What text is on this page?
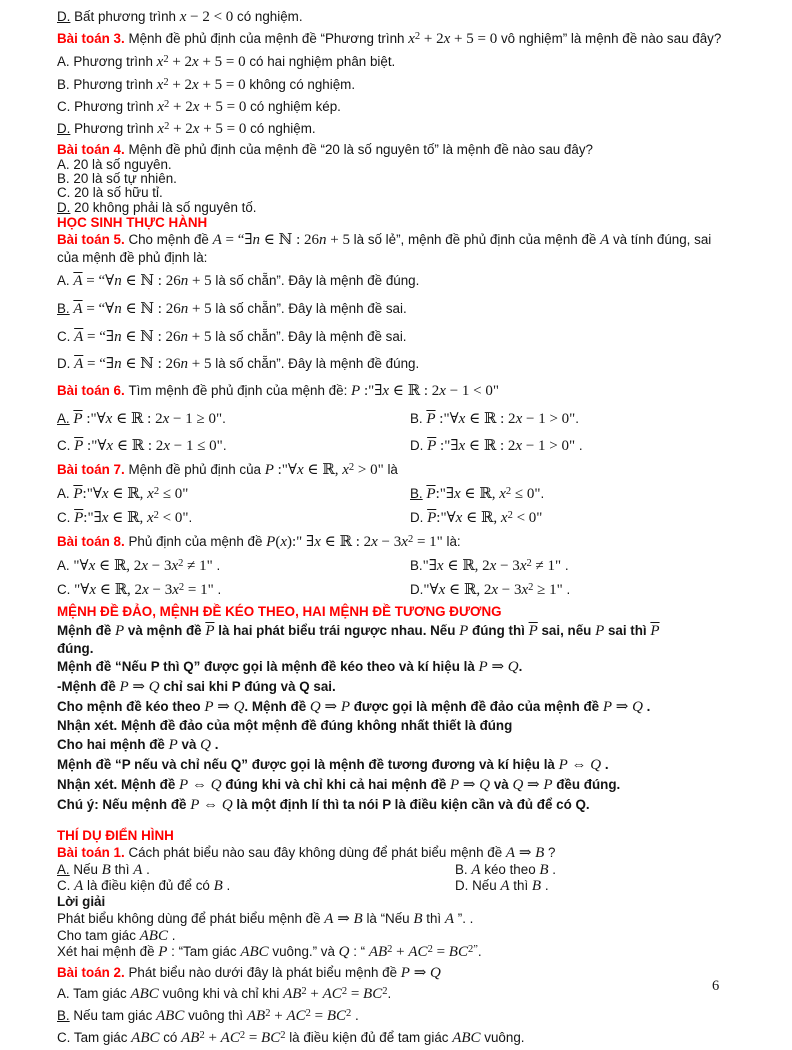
D. Bất phương trình x − 2 < 0 có nghiệm.
Bài toán 3. Mệnh đề phủ định của mệnh đề “Phương trình $x^2 + 2x + 5 = 0$ vô nghiệm” là mệnh đề nào sau đây?
A. Phương trình $x^2 + 2x + 5 = 0$ có hai nghiệm phân biệt.
B. Phương trình $x^2 + 2x + 5 = 0$ không có nghiệm.
C. Phương trình $x^2 + 2x + 5 = 0$ có nghiệm kép.
D. Phương trình $x^2 + 2x + 5 = 0$ có nghiệm.
Bài toán 4. Mệnh đề phủ định của mệnh đề “20 là số nguyên tố” là mệnh đề nào sau đây?
A. 20 là số nguyên.
B. 20 là số tự nhiên.
C. 20 là số hữu tỉ.
D. 20 không phải là số nguyên tố.
HỌC SINH THỰC HÀNH
Bài toán 5. Cho mệnh đề A = “∃n ∈ ℕ : 26n + 5 là số lẻ”, mệnh đề phủ định của mệnh đề A và tính đúng, sai
của mệnh đề phủ định là:
A. $\overline{A}$ = “∀n ∈ ℕ : 26n + 5 là số chẵn”. Đây là mệnh đề đúng.
B. $\overline{A}$ = “∀n ∈ ℕ : 26n + 5 là số chẵn”. Đây là mệnh đề sai.
C. $\overline{A}$ = “∃n ∈ ℕ : 26n + 5 là số chẵn”. Đây là mệnh đề sai.
D. $\overline{A}$ = “∃n ∈ ℕ : 26n + 5 là số chẵn”. Đây là mệnh đề đúng.
Bài toán 6. Tìm mệnh đề phủ định của mệnh đề: P :"∃x ∈ ℝ : 2x − 1 < 0"
A. $\overline{P}$ :"∀x ∈ ℝ : 2x − 1 ≥ 0".	B. $\overline{P}$ :"∀x ∈ ℝ : 2x − 1 > 0".
C. $\overline{P}$ :"∀x ∈ ℝ : 2x − 1 ≤ 0".	D. $\overline{P}$ :"∃x ∈ ℝ : 2x − 1 > 0" .
Bài toán 7. Mệnh đề phủ định của P :"∀x ∈ ℝ, $x^2 > 0$" là
A. $\overline{P}:"\forall x$ ∈ ℝ, $x^2 \le 0$"	B. $\overline{P}:"\exists x$ ∈ ℝ, $x^2 \le 0$".
C. $\overline{P}:"\exists x$ ∈ ℝ, $x^2 < 0$".	D. $\overline{P}:"\forall x$ ∈ ℝ, $x^2 < 0$"
Bài toán 8. Phủ định của mệnh đề P(x):" ∃x ∈ ℝ : $2x - 3x^2 = 1$" là:
A. "∀x ∈ ℝ, $2x - 3x^2 \ne 1$" .	B."∃x ∈ ℝ, $2x - 3x^2 \ne 1$" .
C. "∀x ∈ ℝ, $2x - 3x^2 = 1$" .	D."∀x ∈ ℝ, $2x - 3x^2 \ge 1$" .
MỆNH ĐỀ ĐẢO, MỆNH ĐỀ KÉO THEO, HAI MỆNH ĐỀ TƯƠNG ĐƯƠNG
Mệnh đề P và mệnh đề $\overline{P}$ là hai phát biểu trái ngược nhau. Nếu P đúng thì $\overline{P}$ sai, nếu P sai thì $\overline{P}$
đúng.
Mệnh đề “Nếu P thì Q” được gọi là mệnh đề kéo theo và kí hiệu là P ⇒ Q.
-Mệnh đề P ⇒ Q chỉ sai khi P đúng và Q sai.
Cho mệnh đề kéo theo P ⇒ Q. Mệnh đề Q ⇒ P được gọi là mệnh đề đảo của mệnh đề P ⇒ Q .
Nhận xét. Mệnh đề đảo của một mệnh đề đúng không nhất thiết là đúng
Cho hai mệnh đề P và Q .
Mệnh đề “P nếu và chỉ nếu Q” được gọi là mệnh đề tương đương và kí hiệu là P ⇔ Q .
Nhận xét. Mệnh đề P ⇔ Q đúng khi và chỉ khi cả hai mệnh đề P ⇒ Q và Q ⇒ P đều đúng.
Chú ý: Nếu mệnh đề P ⇔ Q là một định lí thì ta nói P là điều kiện cần và đủ để có Q.
THÍ DỤ ĐIỂN HÌNH
Bài toán 1. Cách phát biểu nào sau đây không dùng để phát biểu mệnh đề A ⇒ B ?
A. Nếu B thì A .	B. A kéo theo B .
C. A là điều kiện đủ để có B .	D. Nếu A thì B .
Lời giải
Phát biểu không dùng để phát biểu mệnh đề A ⇒ B là “Nếu B thì A ”. .
Cho tam giác ABC .
Xét hai mệnh đề P : “Tam giác ABC vuông.” và Q : “ $AB^2 + AC^2 = BC^{2”}$.
Bài toán 2. Phát biểu nào dưới đây là phát biểu mệnh đề P ⇒ Q
A. Tam giác ABC vuông khi và chỉ khi $AB^2 + AC^2 = BC^2$.
B. Nếu tam giác ABC vuông thì $AB^2 + AC^2 = BC^2$ .
C. Tam giác ABC có $AB^2 + AC^2 = BC^2$ là điều kiện đủ để tam giác ABC vuông.
6
